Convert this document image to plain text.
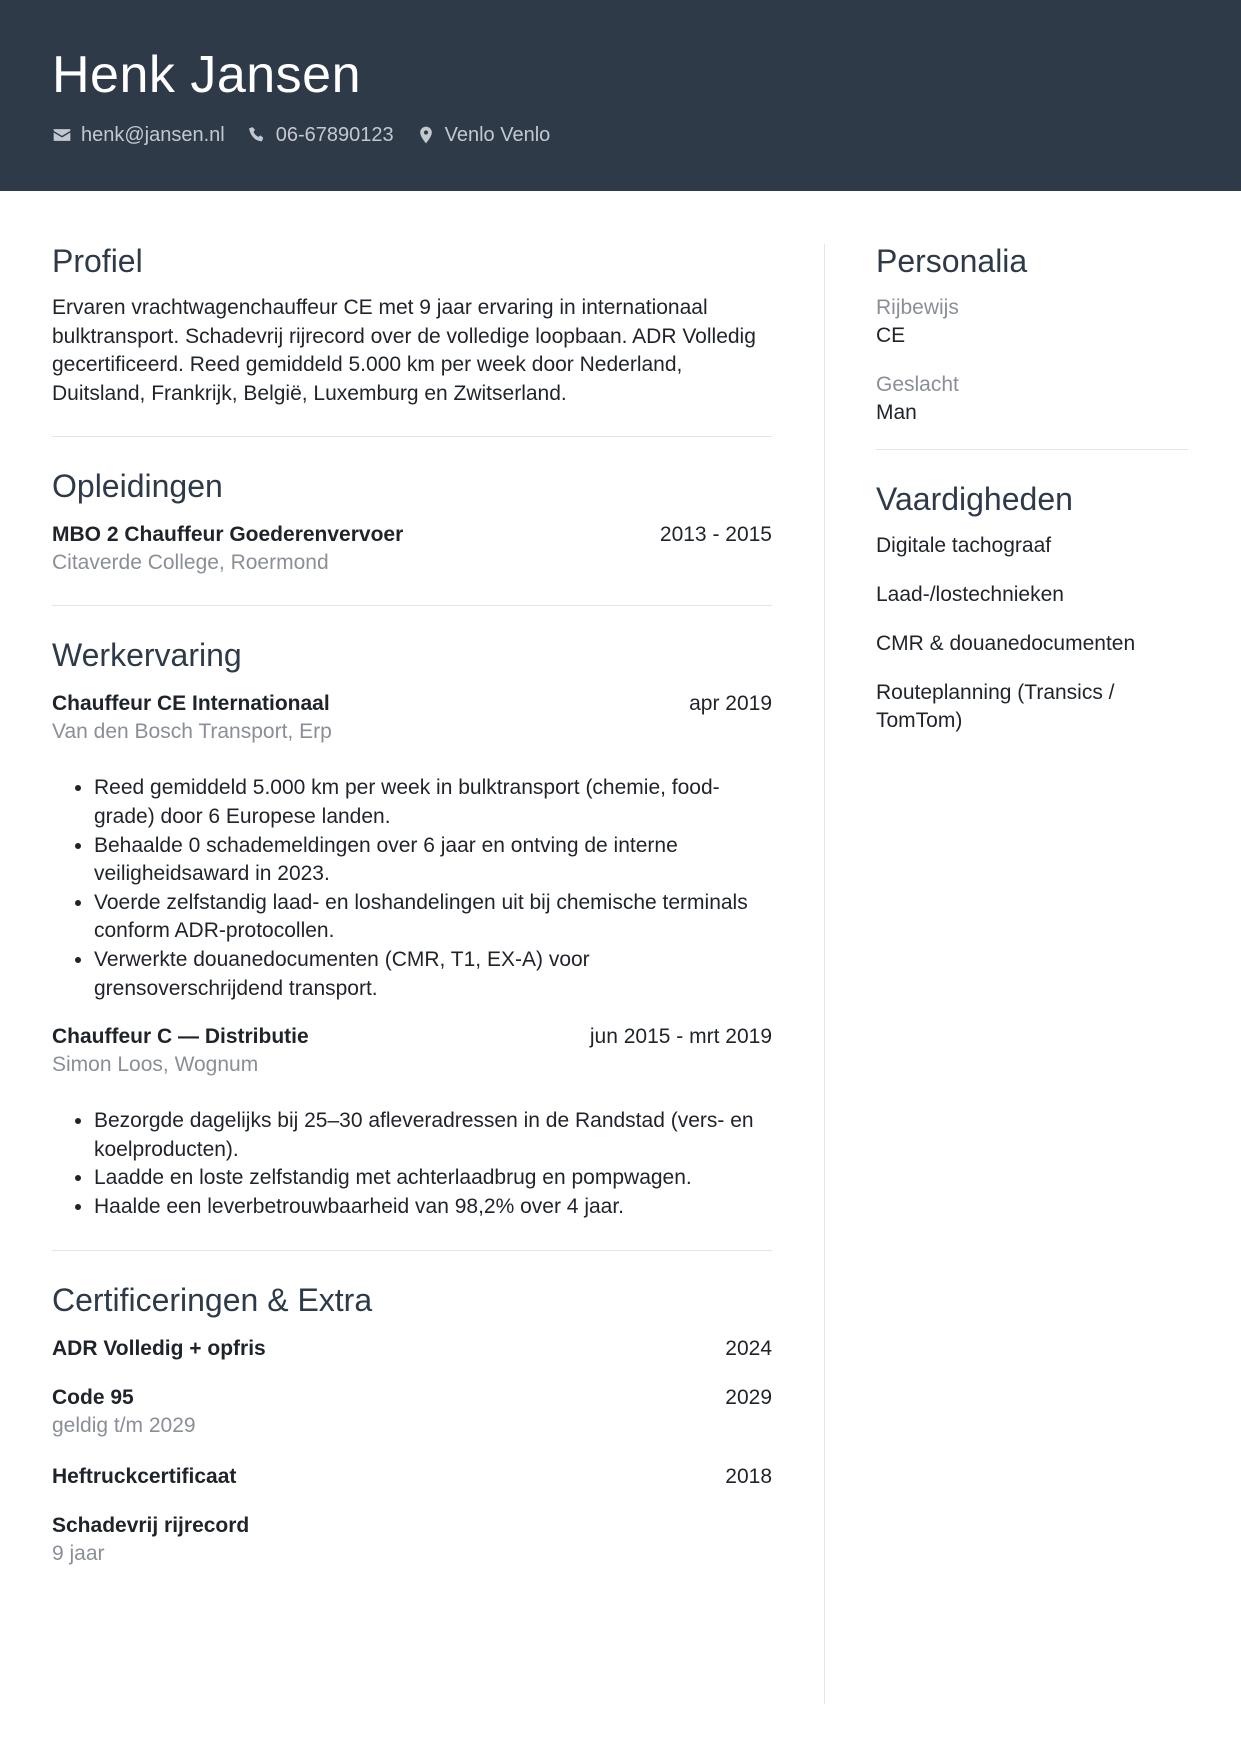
Henk Jansen
henk@jansen.nl	06-67890123	Venlo Venlo
Profiel

Ervaren vrachtwagenchauffeur CE met 9 jaar ervaring in internationaal bulktransport. Schadevrij rijrecord over de volledige loopbaan. ADR Volledig gecertificeerd. Reed gemiddeld 5.000 km per week door Nederland, Duitsland, Frankrijk, België, Luxemburg en Zwitserland.

Opleidingen
MBO 2 Chauffeur Goederenvervoer	2013 - 2015
Citaverde College, Roermond
Werkervaring
Chauffeur CE Internationaal	apr 2019
Van den Bosch Transport, Erp
• Reed gemiddeld 5.000 km per week in bulktransport (chemie, food-grade) door 6 Europese landen.
• Behaalde 0 schademeldingen over 6 jaar en ontving de interne veiligheidsaward in 2023.
• Voerde zelfstandig laad- en loshandelingen uit bij chemische terminals conform ADR-protocollen.
• Verwerkte douanedocumenten (CMR, T1, EX-A) voor grensoverschrijdend transport.
Chauffeur C — Distributie	jun 2015 - mrt 2019
Simon Loos, Wognum
• Bezorgde dagelijks bij 25–30 afleveradressen in de Randstad (vers- en koelproducten).
• Laadde en loste zelfstandig met achterlaadbrug en pompwagen.
• Haalde een leverbetrouwbaarheid van 98,2% over 4 jaar.
Certificeringen & Extra
ADR Volledig + opfris	2024
Code 95	2029
geldig t/m 2029
Heftruckcertificaat	2018
Schadevrij rijrecord
9 jaar
Personalia
Rijbewijs
CE
Geslacht
Man
Vaardigheden
Digitale tachograaf
Laad-/lostechnieken
CMR & douanedocumenten
Routeplanning (Transics / TomTom)
